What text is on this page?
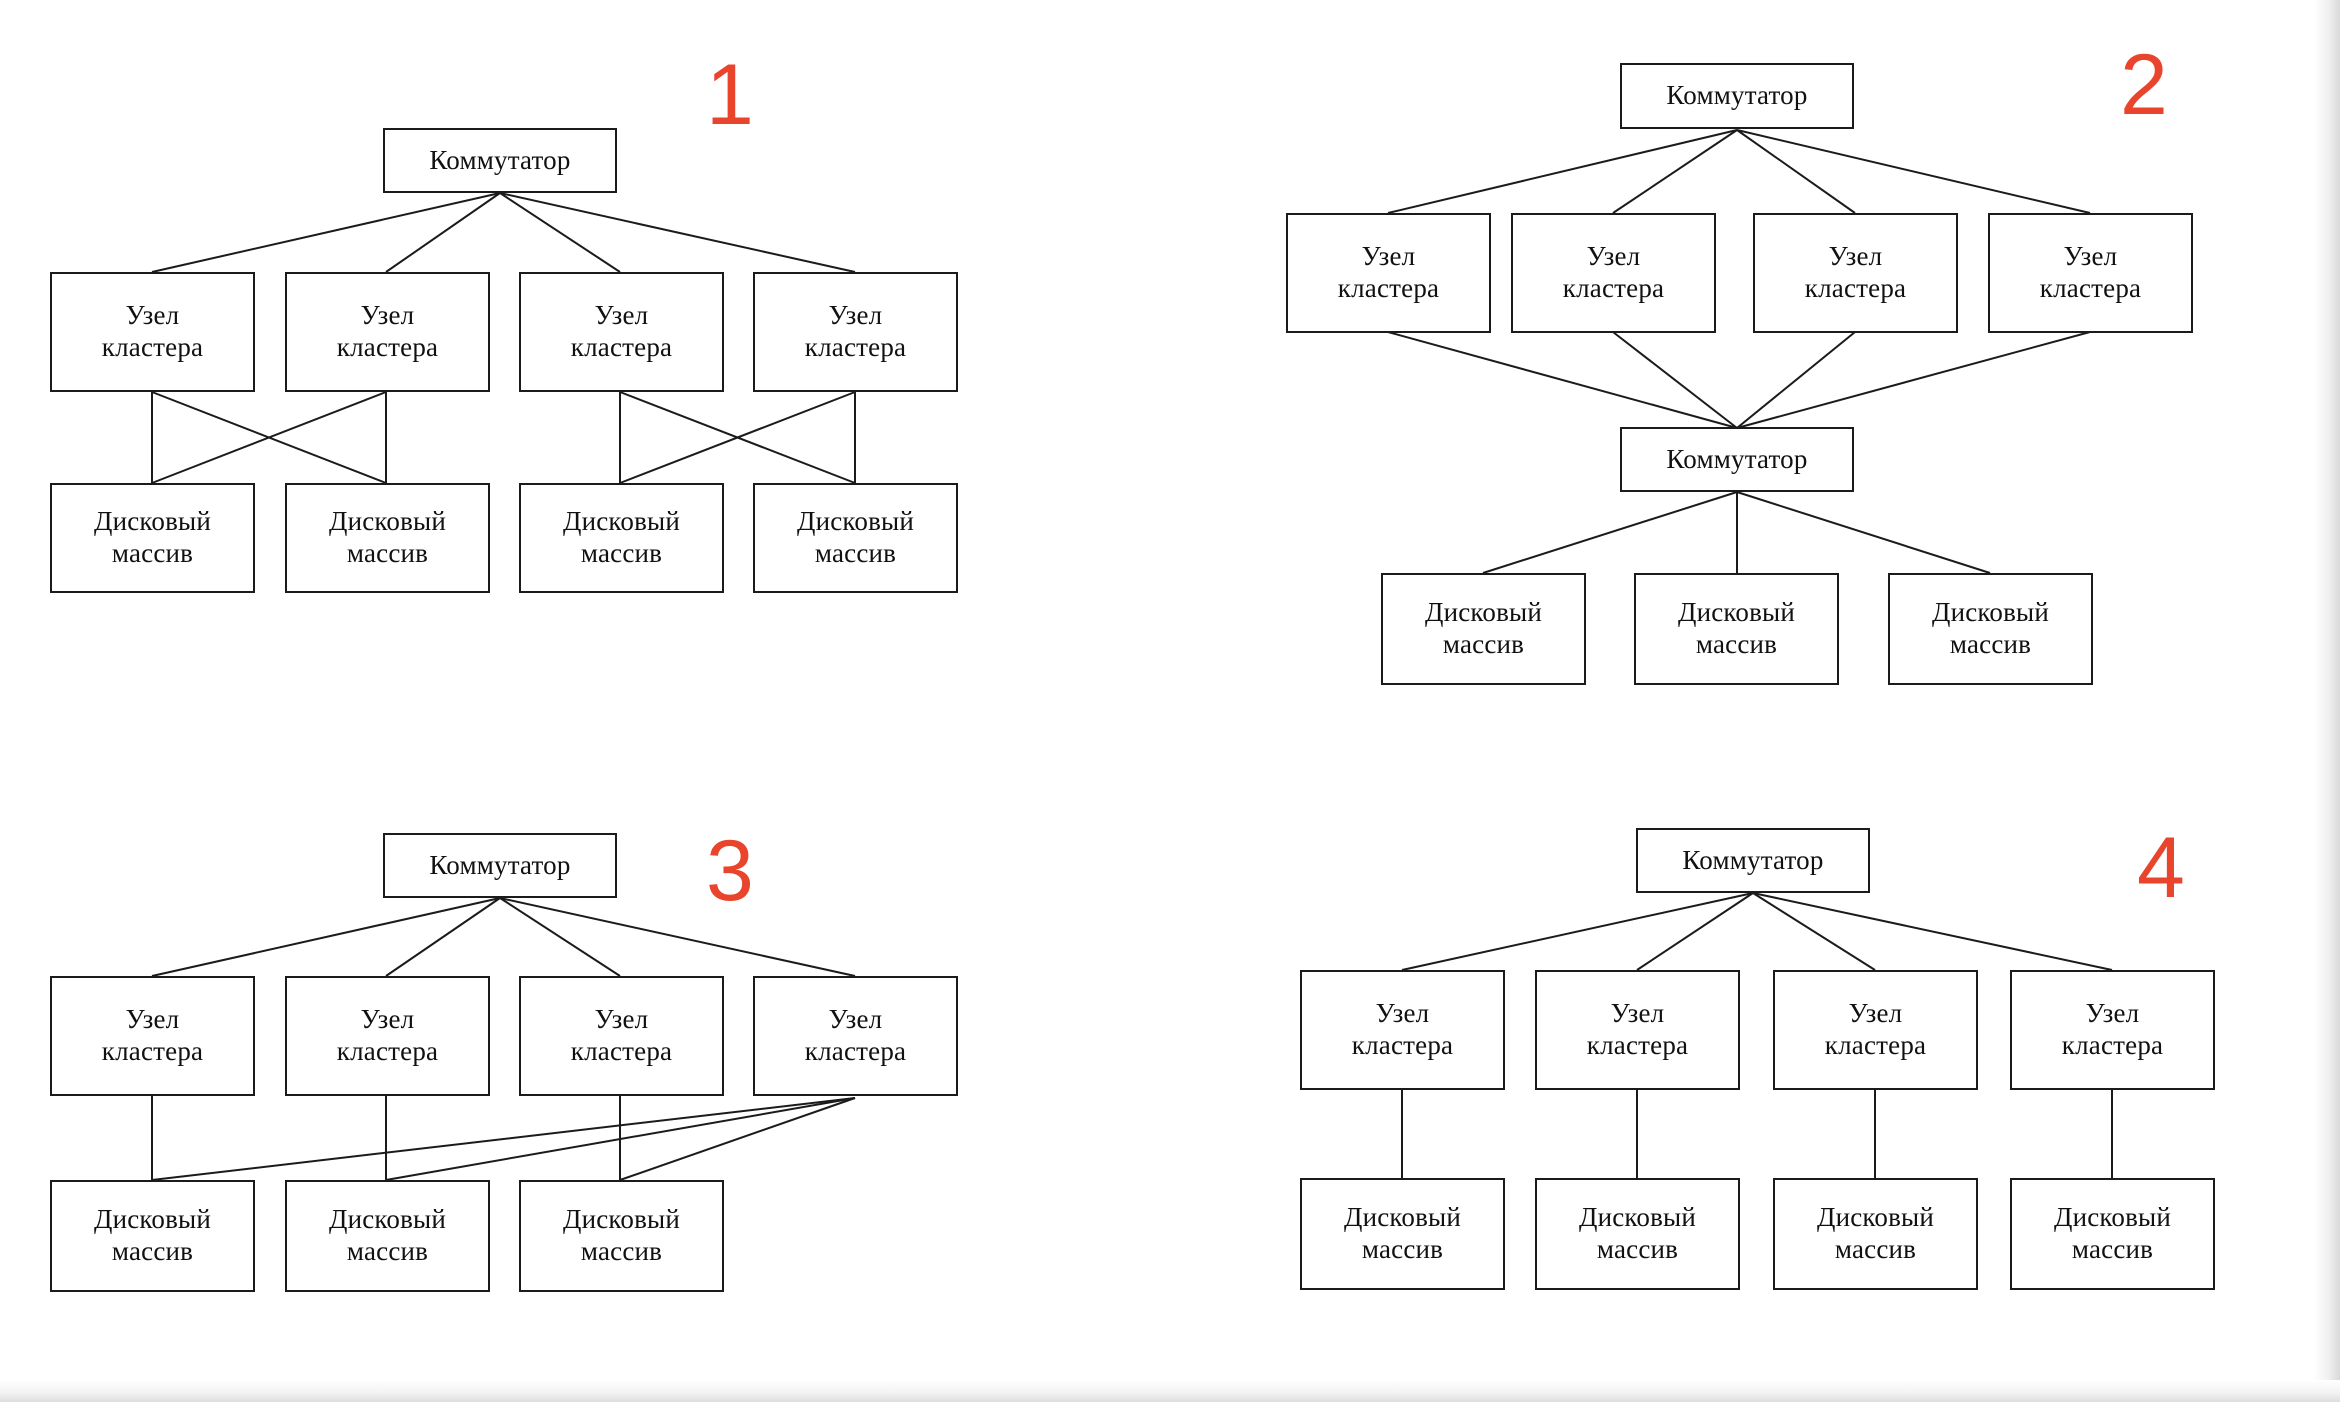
1
Коммутатор
Узел
кластера
Узел
кластера
Узел
кластера
Узел
кластера
Дисковый
массив
Дисковый
массив
Дисковый
массив
Дисковый
массив
2
Коммутатор
Узел
кластера
Узел
кластера
Узел
кластера
Узел
кластера
Коммутатор
Дисковый
массив
Дисковый
массив
Дисковый
массив
3
Коммутатор
Узел
кластера
Узел
кластера
Узел
кластера
Узел
кластера
Дисковый
массив
Дисковый
массив
Дисковый
массив
4
Коммутатор
Узел
кластера
Узел
кластера
Узел
кластера
Узел
кластера
Дисковый
массив
Дисковый
массив
Дисковый
массив
Дисковый
массив
